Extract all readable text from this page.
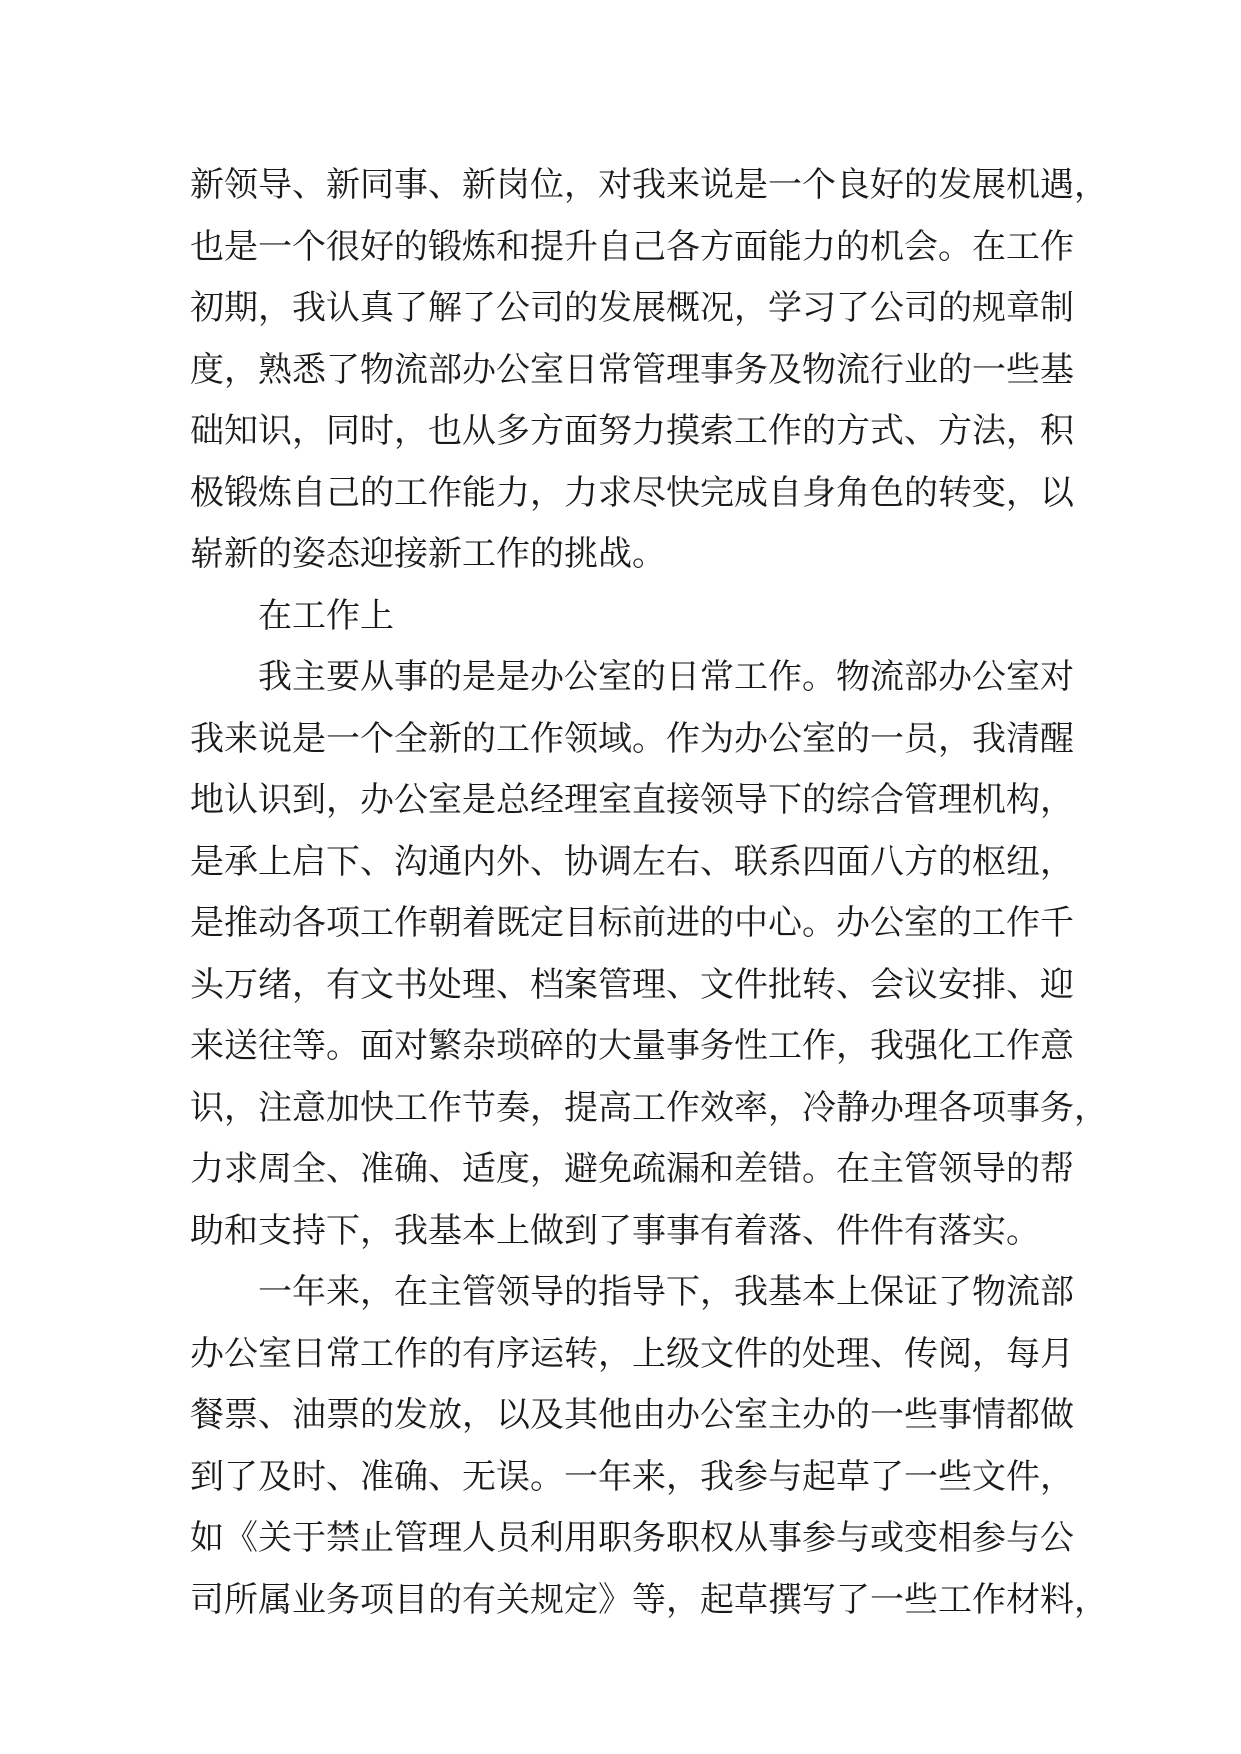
新领导、新同事、新岗位，对我来说是一个良好的发展机遇，
也是一个很好的锻炼和提升自己各方面能力的机会。在工作
初期，我认真了解了公司的发展概况，学习了公司的规章制
度，熟悉了物流部办公室日常管理事务及物流行业的一些基
础知识，同时，也从多方面努力摸索工作的方式、方法，积
极锻炼自己的工作能力，力求尽快完成自身角色的转变，以
崭新的姿态迎接新工作的挑战。
在工作上
我主要从事的是是办公室的日常工作。物流部办公室对
我来说是一个全新的工作领域。作为办公室的一员，我清醒
地认识到，办公室是总经理室直接领导下的综合管理机构，
是承上启下、沟通内外、协调左右、联系四面八方的枢纽，
是推动各项工作朝着既定目标前进的中心。办公室的工作千
头万绪，有文书处理、档案管理、文件批转、会议安排、迎
来送往等。面对繁杂琐碎的大量事务性工作，我强化工作意
识，注意加快工作节奏，提高工作效率，冷静办理各项事务，
力求周全、准确、适度，避免疏漏和差错。在主管领导的帮
助和支持下，我基本上做到了事事有着落、件件有落实。
一年来，在主管领导的指导下，我基本上保证了物流部
办公室日常工作的有序运转，上级文件的处理、传阅，每月
餐票、油票的发放，以及其他由办公室主办的一些事情都做
到了及时、准确、无误。一年来，我参与起草了一些文件，
如《关于禁止管理人员利用职务职权从事参与或变相参与公
司所属业务项目的有关规定》等，起草撰写了一些工作材料，
